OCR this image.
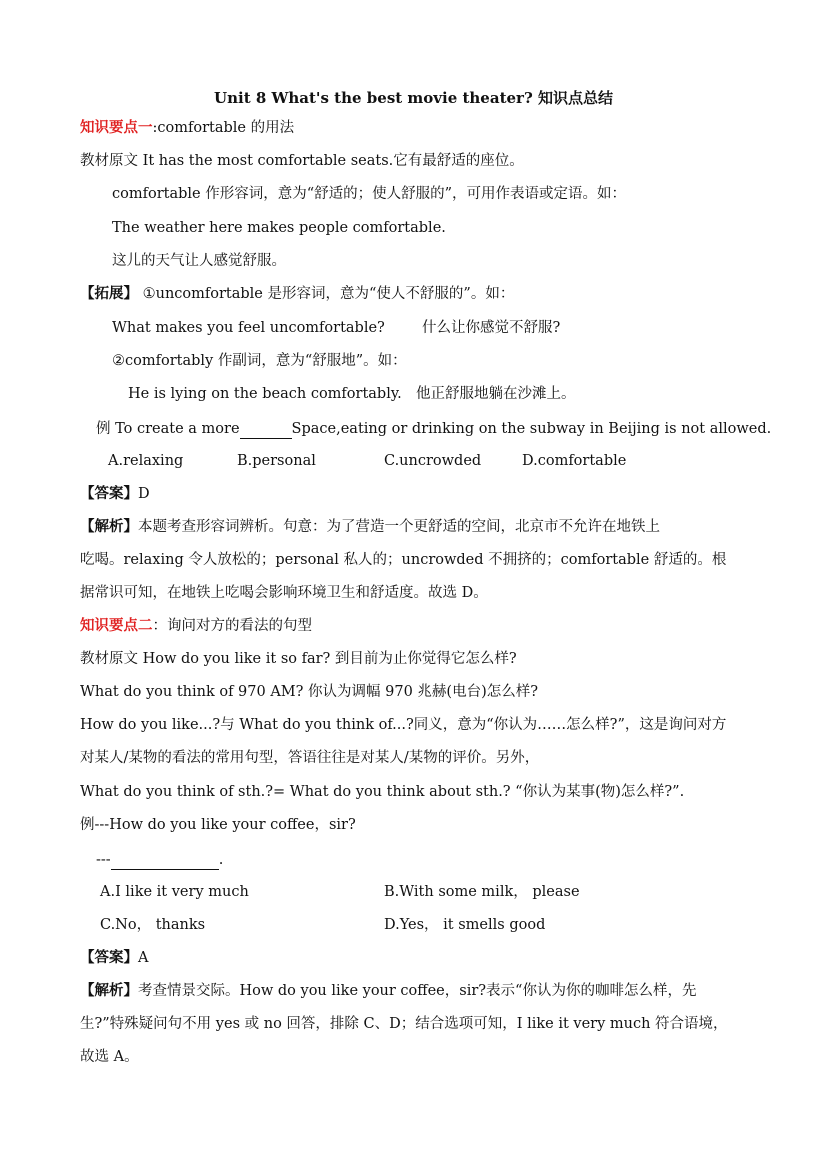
Unit 8 What's the best movie theater? 知识点总结
知识要点一:comfortable 的用法
教材原文 It has the most comfortable seats.它有最舒适的座位。
comfortable 作形容词，意为“舒适的；使人舒服的”，可用作表语或定语。如：
The weather here makes people comfortable.
这儿的天气让人感觉舒服。
【拓展】 ①uncomfortable 是形容词，意为“使人不舒服的”。如：
What makes you feel uncomfortable?	什么让你感觉不舒服?
②comfortably 作副词，意为“舒服地”。如：
He is lying on the beach comfortably. 他正舒服地躺在沙滩上。
例 To create a more	Space,eating or drinking on the subway in Beijing is not allowed.
A.relaxing	B.personal	C.uncrowded	D.comfortable
【答案】D
【解析】本题考查形容词辨析。句意：为了营造一个更舒适的空间，北京市不允许在地铁上
吃喝。relaxing 令人放松的；personal 私人的；uncrowded 不拥挤的；comfortable 舒适的。根
据常识可知，在地铁上吃喝会影响环境卫生和舒适度。故选 D。
知识要点二：询问对方的看法的句型
教材原文 How do you like it so far? 到目前为止你觉得它怎么样?
What do you think of 970 AM? 你认为调幅 970 兆赫(电台)怎么样?
How do you like...?与 What do you think of...?同义，意为“你认为……怎么样?”，这是询问对方
对某人/某物的看法的常用句型，答语往往是对某人/某物的评价。另外，
What do you think of sth.?= What do you think about sth.? “你认为某事(物)怎么样?”.
例---How do you like your coffee，sir?
---	.
A.I like it very much	B.With some milk， please
C.No， thanks	D.Yes， it smells good
【答案】A
【解析】考查情景交际。How do you like your coffee，sir?表示“你认为你的咖啡怎么样，先
生?”特殊疑问句不用 yes 或 no 回答，排除 C、D；结合选项可知，I like it very much 符合语境，
故选 A。
